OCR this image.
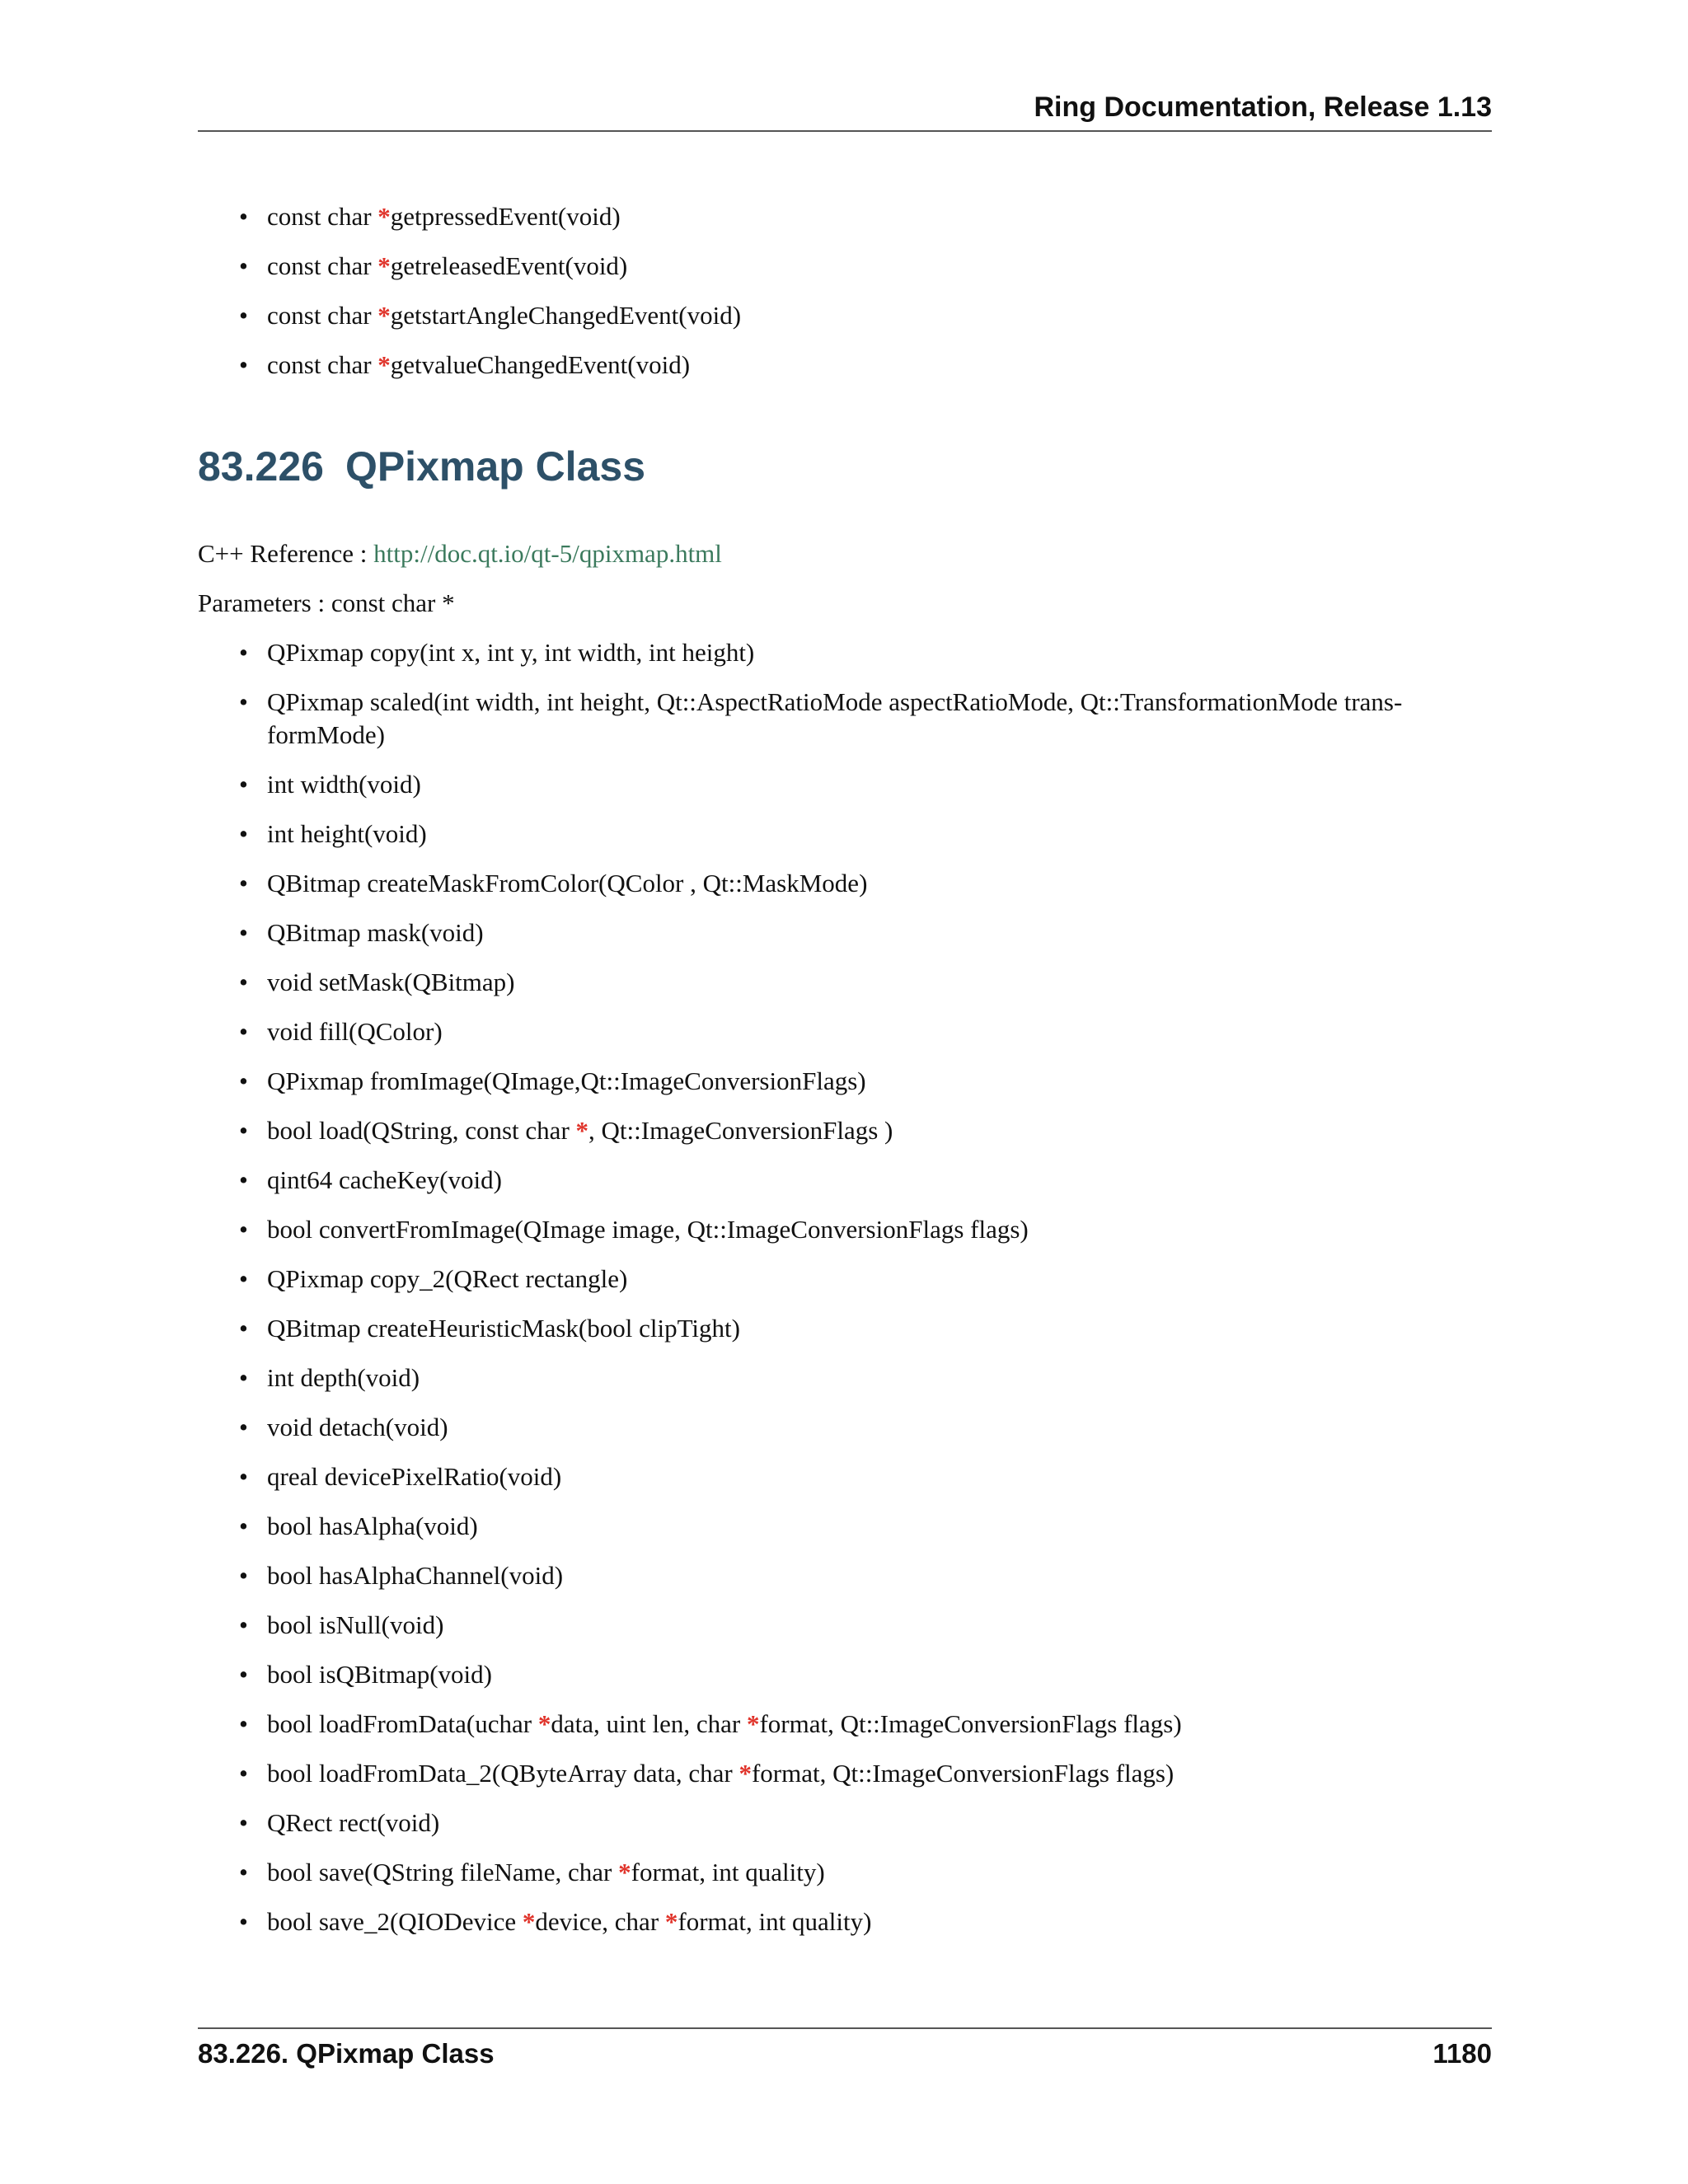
Ring Documentation, Release 1.13
• const char *getpressedEvent(void)
• const char *getreleasedEvent(void)
• const char *getstartAngleChangedEvent(void)
• const char *getvalueChangedEvent(void)
83.226 QPixmap Class
C++ Reference : http://doc.qt.io/qt-5/qpixmap.html
Parameters : const char *
• QPixmap copy(int x, int y, int width, int height)
• QPixmap scaled(int width, int height, Qt::AspectRatioMode aspectRatioMode, Qt::TransformationMode trans-formMode)
• int width(void)
• int height(void)
• QBitmap createMaskFromColor(QColor , Qt::MaskMode)
• QBitmap mask(void)
• void setMask(QBitmap)
• void fill(QColor)
• QPixmap fromImage(QImage,Qt::ImageConversionFlags)
• bool load(QString, const char *, Qt::ImageConversionFlags )
• qint64 cacheKey(void)
• bool convertFromImage(QImage image, Qt::ImageConversionFlags flags)
• QPixmap copy_2(QRect rectangle)
• QBitmap createHeuristicMask(bool clipTight)
• int depth(void)
• void detach(void)
• qreal devicePixelRatio(void)
• bool hasAlpha(void)
• bool hasAlphaChannel(void)
• bool isNull(void)
• bool isQBitmap(void)
• bool loadFromData(uchar *data, uint len, char *format, Qt::ImageConversionFlags flags)
• bool loadFromData_2(QByteArray data, char *format, Qt::ImageConversionFlags flags)
• QRect rect(void)
• bool save(QString fileName, char *format, int quality)
• bool save_2(QIODevice *device, char *format, int quality)
83.226. QPixmap Class	1180
